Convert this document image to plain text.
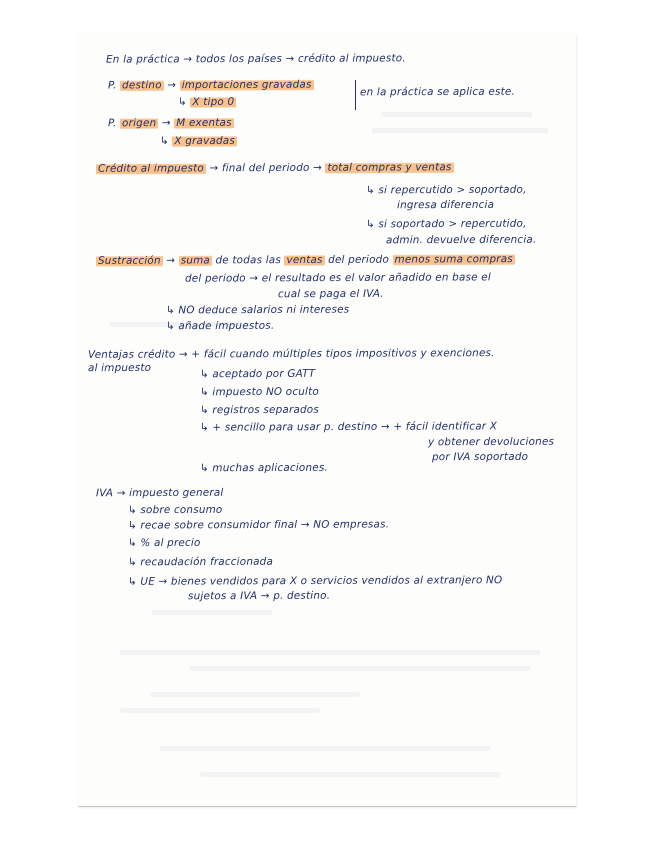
En la práctica → todos los países → crédito al impuesto.
P. destino → importaciones gravadas
↳ X tipo 0
en la práctica se aplica este.
P. origen → M exentas
↳ X gravadas
Crédito al impuesto → final del periodo → total compras y ventas
↳ si repercutido > soportado,
ingresa diferencia
↳ si soportado > repercutido,
admin. devuelve diferencia.
Sustracción → suma de todas las ventas del periodo menos suma compras
del periodo → el resultado es el valor añadido en base el
cual se paga el IVA.
↳ NO deduce salarios ni intereses
↳ añade impuestos.
Ventajas crédito → + fácil cuando múltiples tipos impositivos y exenciones.
al impuesto	↳ aceptado por GATT
↳ impuesto NO oculto
↳ registros separados
↳ + sencillo para usar p. destino → + fácil identificar X
y obtener devoluciones
por IVA soportado
↳ muchas aplicaciones.
IVA → impuesto general
↳ sobre consumo
↳ recae sobre consumidor final → NO empresas.
↳ % al precio
↳ recaudación fraccionada
↳ UE → bienes vendidos para X o servicios vendidos al extranjero NO
sujetos a IVA → p. destino.
